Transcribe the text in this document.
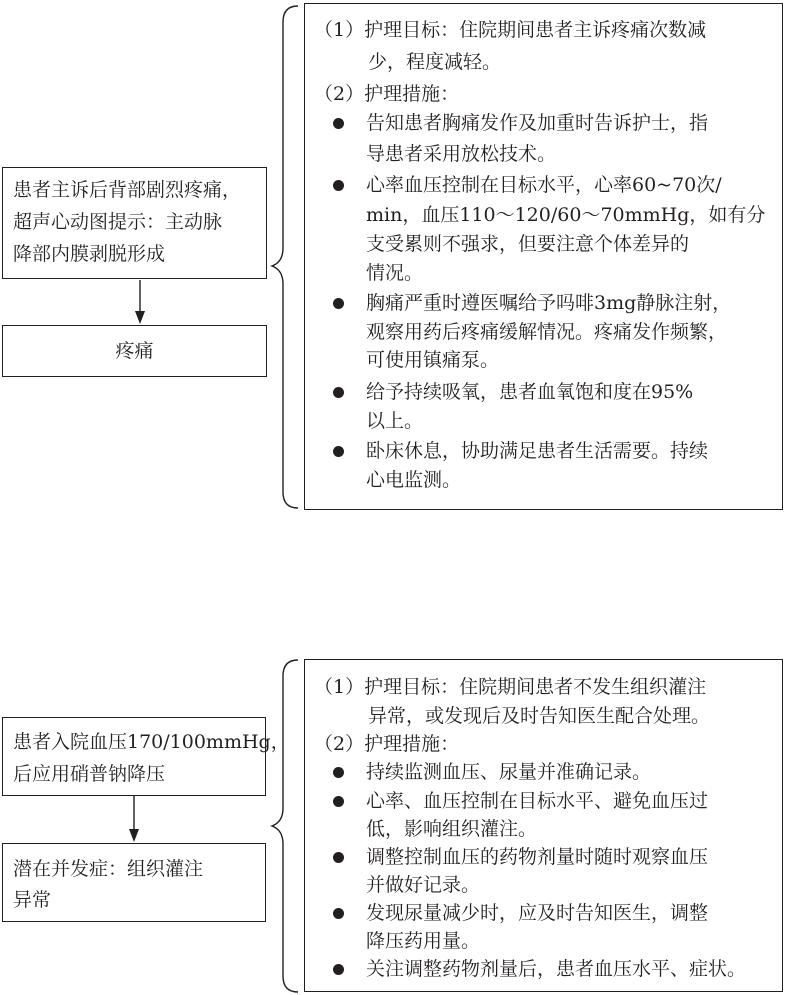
患者主诉后背部剧烈疼痛，
超声心动图提示：主动脉
降部内膜剥脱形成
疼痛
（1）护理目标：住院期间患者主诉疼痛次数减
少，程度减轻。
（2）护理措施：
告知患者胸痛发作及加重时告诉护士，指
导患者采用放松技术。
心率血压控制在目标水平，心率60~70次/
min，血压110～120/60～70mmHg，如有分
支受累则不强求，但要注意个体差异的
情况。
胸痛严重时遵医嘱给予吗啡3mg静脉注射，
观察用药后疼痛缓解情况。疼痛发作频繁，
可使用镇痛泵。
给予持续吸氧，患者血氧饱和度在95%
以上。
卧床休息，协助满足患者生活需要。持续
心电监测。
患者入院血压170/100mmHg，
后应用硝普钠降压
潜在并发症：组织灌注
异常
（1）护理目标：住院期间患者不发生组织灌注
异常，或发现后及时告知医生配合处理。
（2）护理措施：
持续监测血压、尿量并准确记录。
心率、血压控制在目标水平、避免血压过
低，影响组织灌注。
调整控制血压的药物剂量时随时观察血压
并做好记录。
发现尿量减少时，应及时告知医生，调整
降压药用量。
关注调整药物剂量后，患者血压水平、症状。
